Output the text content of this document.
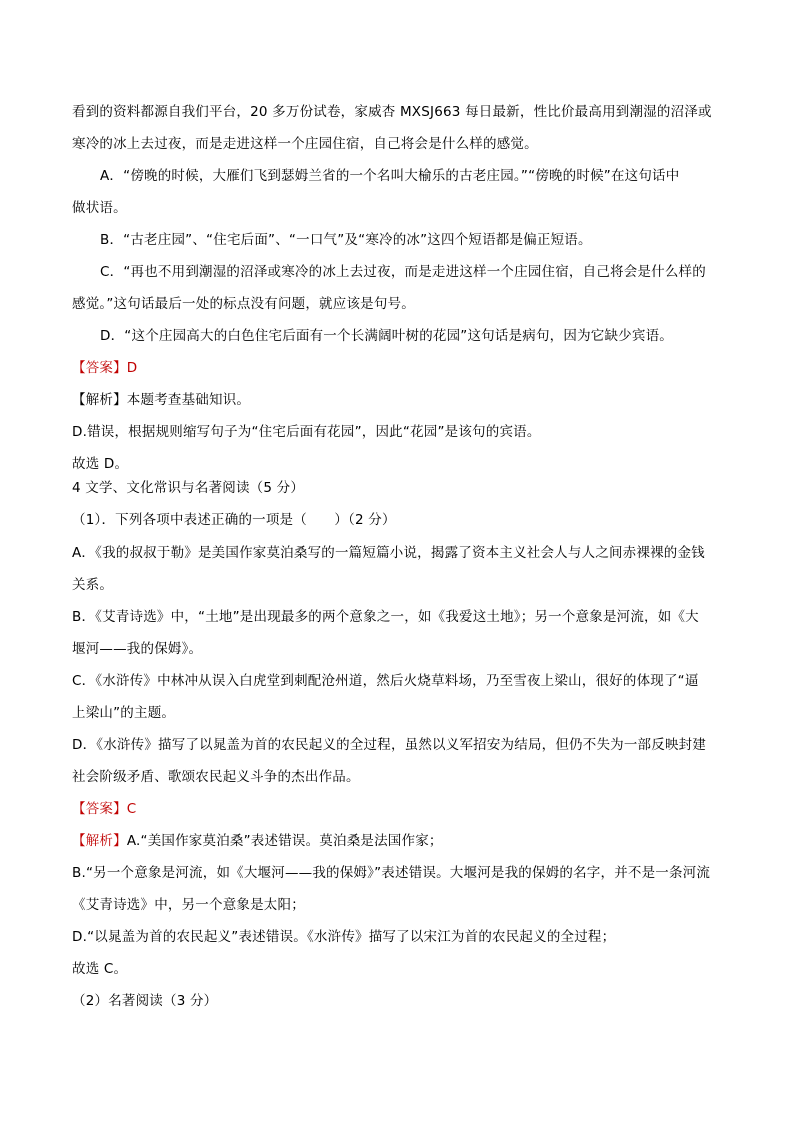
看到的资料都源自我们平台，20 多万份试卷，家威杏 MXSJ663 每日最新，性比价最高用到潮湿的沼泽或
寒冷的冰上去过夜，而是走进这样一个庄园住宿，自己将会是什么样的感觉。
A．“傍晚的时候，大雁们飞到瑟姆兰省的一个名叫大榆乐的古老庄园。”“傍晚的时候”在这句话中
做状语。
B．“古老庄园”、“住宅后面”、“一口气”及“寒冷的冰”这四个短语都是偏正短语。
C．“再也不用到潮湿的沼泽或寒冷的冰上去过夜，而是走进这样一个庄园住宿，自己将会是什么样的
感觉。”这句话最后一处的标点没有问题，就应该是句号。
D．“这个庄园高大的白色住宅后面有一个长满阔叶树的花园”这句话是病句，因为它缺少宾语。
【答案】D
【解析】本题考查基础知识。
D.错误，根据规则缩写句子为“住宅后面有花园”，因此“花园”是该句的宾语。
故选 D。
4 文学、文化常识与名著阅读（5 分）
（1）．下列各项中表述正确的一项是（　　）（2 分）
A．《我的叔叔于勒》是美国作家莫泊桑写的一篇短篇小说，揭露了资本主义社会人与人之间赤裸裸的金钱
关系。
B．《艾青诗选》中，“土地”是出现最多的两个意象之一，如《我爱这土地》；另一个意象是河流，如《大
堰河——我的保姆》。
C．《水浒传》中林冲从误入白虎堂到刺配沧州道，然后火烧草料场，乃至雪夜上梁山，很好的体现了“逼
上梁山”的主题。
D．《水浒传》描写了以晁盖为首的农民起义的全过程，虽然以义军招安为结局，但仍不失为一部反映封建
社会阶级矛盾、歌颂农民起义斗争的杰出作品。
【答案】C
【解析】A.“美国作家莫泊桑”表述错误。莫泊桑是法国作家；
B.“另一个意象是河流，如《大堰河——我的保姆》”表述错误。大堰河是我的保姆的名字，并不是一条河流
《艾青诗选》中，另一个意象是太阳；
D.“以晁盖为首的农民起义”表述错误。《水浒传》描写了以宋江为首的农民起义的全过程；
故选 C。
（2）名著阅读（3 分）
